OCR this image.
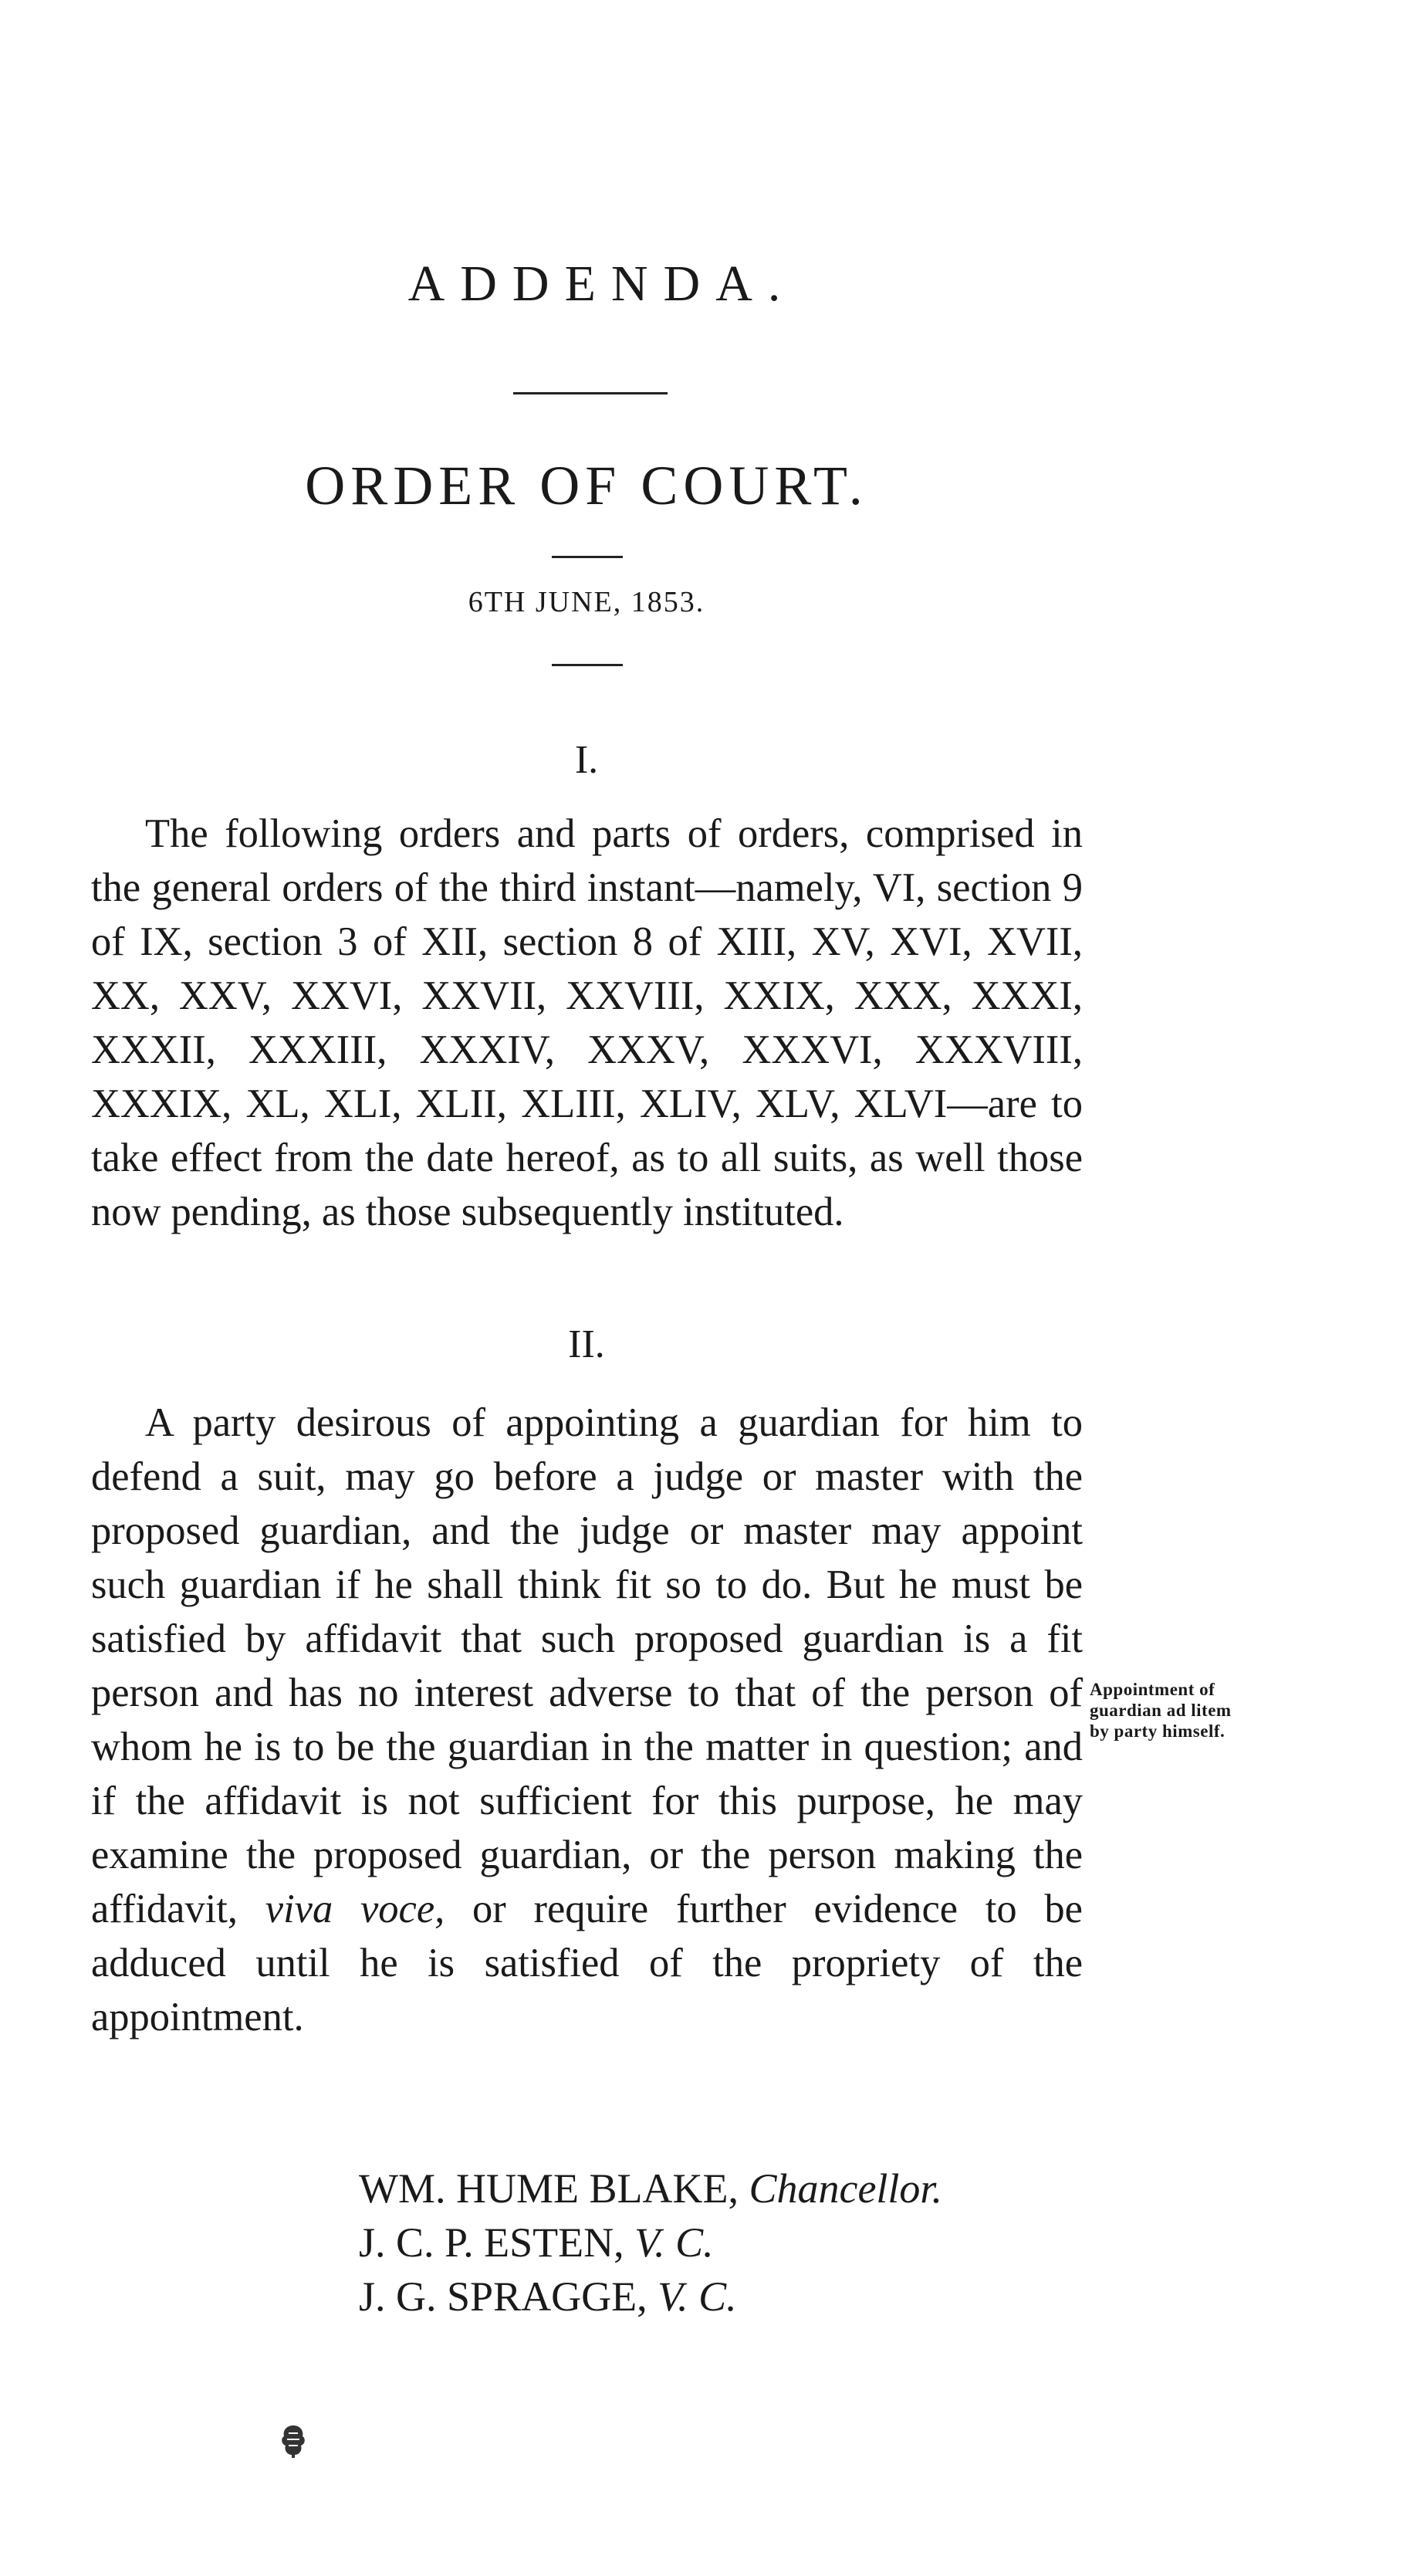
ADDENDA.
ORDER OF COURT.
6TH JUNE, 1853.
I.

The following orders and parts of orders, comprised in the general orders of the third instant—namely, VI, section 9 of IX, section 3 of XII, section 8 of XIII, XV, XVI, XVII, XX, XXV, XXVI, XXVII, XXVIII, XXIX, XXX, XXXI, XXXII, XXXIII, XXXIV, XXXV, XXXVI, XXXVIII, XXXIX, XL, XLI, XLII, XLIII, XLIV, XLV, XLVI—are to take effect from the date hereof, as to all suits, as well those now pending, as those subsequently instituted.

II.

A party desirous of appointing a guardian for him to defend a suit, may go before a judge or master with the proposed guardian, and the judge or master may appoint such guardian if he shall think fit so to do. But he must be satisfied by affidavit that such proposed guardian is a fit person and has no interest adverse to that of the person of whom he is to be the guardian in the matter in question; and if the affidavit is not sufficient for this purpose, he may examine the proposed guardian, or the person making the affidavit, viva voce, or require further evidence to be adduced until he is satisfied of the propriety of the appointment.

Appointment of
guardian ad litem
by party himself.
WM. HUME BLAKE, Chancellor.
J. C. P. ESTEN, V. C.
J. G. SPRAGGE, V. C.
